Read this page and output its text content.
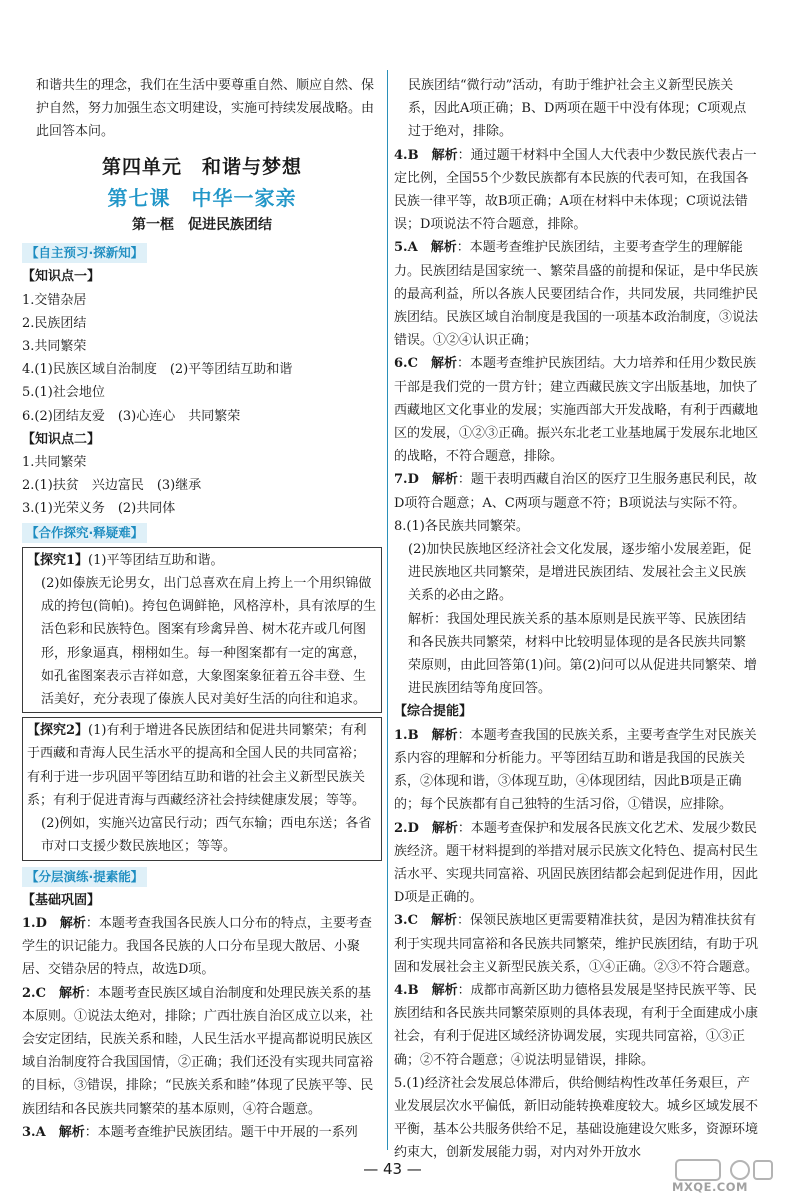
和谐共生的理念，我们在生活中要尊重自然、顺应自然、保护自然，努力加强生态文明建设，实施可持续发展战略。由此回答本问。

第四单元　和谐与梦想
第七课　中华一家亲
第一框　促进民族团结
【自主预习·探新知】

【知识点一】

1.交错杂居

2.民族团结

3.共同繁荣

4.(1)民族区域自治制度　(2)平等团结互助和谐

5.(1)社会地位

6.(2)团结友爱　(3)心连心　共同繁荣

【知识点二】

1.共同繁荣

2.(1)扶贫　兴边富民　(3)继承

3.(1)光荣义务　(2)共同体

【合作探究·释疑难】

【探究1】(1)平等团结互助和谐。

(2)如傣族无论男女，出门总喜欢在肩上挎上一个用织锦做成的挎包(筒帕)。挎包色调鲜艳，风格淳朴，具有浓厚的生活色彩和民族特色。图案有珍禽异兽、树木花卉或几何图形，形象逼真，栩栩如生。每一种图案都有一定的寓意，如孔雀图案表示吉祥如意，大象图案象征着五谷丰登、生活美好，充分表现了傣族人民对美好生活的向往和追求。

【探究2】(1)有利于增进各民族团结和促进共同繁荣；有利于西藏和青海人民生活水平的提高和全国人民的共同富裕；有利于进一步巩固平等团结互助和谐的社会主义新型民族关系；有利于促进青海与西藏经济社会持续健康发展；等等。

(2)例如，实施兴边富民行动；西气东输；西电东送；各省市对口支援少数民族地区；等等。

【分层演练·提素能】

【基础巩固】

1.D　 解析：本题考查我国各民族人口分布的特点，主要考查学生的识记能力。我国各民族的人口分布呈现大散居、小聚居、交错杂居的特点，故选D项。

2.C　 解析：本题考查民族区域自治制度和处理民族关系的基本原则。①说法太绝对，排除；广西壮族自治区成立以来，社会安定团结，民族关系和睦，人民生活水平提高都说明民族区域自治制度符合我国国情，②正确；我们还没有实现共同富裕的目标，③错误，排除；“民族关系和睦”体现了民族平等、民族团结和各民族共同繁荣的基本原则，④符合题意。

3.A　 解析：本题考查维护民族团结。题干中开展的一系列

民族团结“微行动”活动，有助于维护社会主义新型民族关系，因此A项正确；B、D两项在题干中没有体现；C项观点过于绝对，排除。

4.B　 解析：通过题干材料中全国人大代表中少数民族代表占一定比例，全国55个少数民族都有本民族的代表可知，在我国各民族一律平等，故B项正确；A项在材料中未体现；C项说法错误；D项说法不符合题意，排除。

5.A　 解析：本题考查维护民族团结，主要考查学生的理解能力。民族团结是国家统一、繁荣昌盛的前提和保证，是中华民族的最高利益，所以各族人民要团结合作，共同发展，共同维护民族团结。民族区域自治制度是我国的一项基本政治制度，③说法错误。①②④认识正确；

6.C　 解析：本题考查维护民族团结。大力培养和任用少数民族干部是我们党的一贯方针；建立西藏民族文字出版基地，加快了西藏地区文化事业的发展；实施西部大开发战略，有利于西藏地区的发展，①②③正确。振兴东北老工业基地属于发展东北地区的战略，不符合题意，排除。

7.D　 解析：题干表明西藏自治区的医疗卫生服务惠民利民，故D项符合题意；A、C两项与题意不符；B项说法与实际不符。

8.(1)各民族共同繁荣。

(2)加快民族地区经济社会文化发展，逐步缩小发展差距，促进民族地区共同繁荣，是增进民族团结、发展社会主义民族关系的必由之路。

解析：我国处理民族关系的基本原则是民族平等、民族团结和各民族共同繁荣，材料中比较明显体现的是各民族共同繁荣原则，由此回答第(1)问。第(2)问可以从促进共同繁荣、增进民族团结等角度回答。

【综合提能】

1.B　 解析：本题考查我国的民族关系，主要考查学生对民族关系内容的理解和分析能力。平等团结互助和谐是我国的民族关系，②体现和谐，③体现互助，④体现团结，因此B项是正确的；每个民族都有自己独特的生活习俗，①错误，应排除。

2.D　 解析：本题考查保护和发展各民族文化艺术、发展少数民族经济。题干材料提到的举措对展示民族文化特色、提高村民生活水平、实现共同富裕、巩固民族团结都会起到促进作用，因此D项是正确的。

3.C　 解析：保领民族地区更需要精准扶贫，是因为精准扶贫有利于实现共同富裕和各民族共同繁荣，维护民族团结，有助于巩固和发展社会主义新型民族关系，①④正确。②③不符合题意。

4.B　 解析：成都市高新区助力德格县发展是坚持民族平等、民族团结和各民族共同繁荣原则的具体表现，有利于全面建成小康社会，有利于促进区域经济协调发展，实现共同富裕，①③正确；②不符合题意；④说法明显错误，排除。

5.(1)经济社会发展总体滞后，供给侧结构性改革任务艰巨，产业发展层次水平偏低，新旧动能转换难度较大。城乡区域发展不平衡，基本公共服务供给不足，基础设施建设欠账多，资源环境约束大，创新发展能力弱，对内对外开放水

— 43 —
MXQE.COM
